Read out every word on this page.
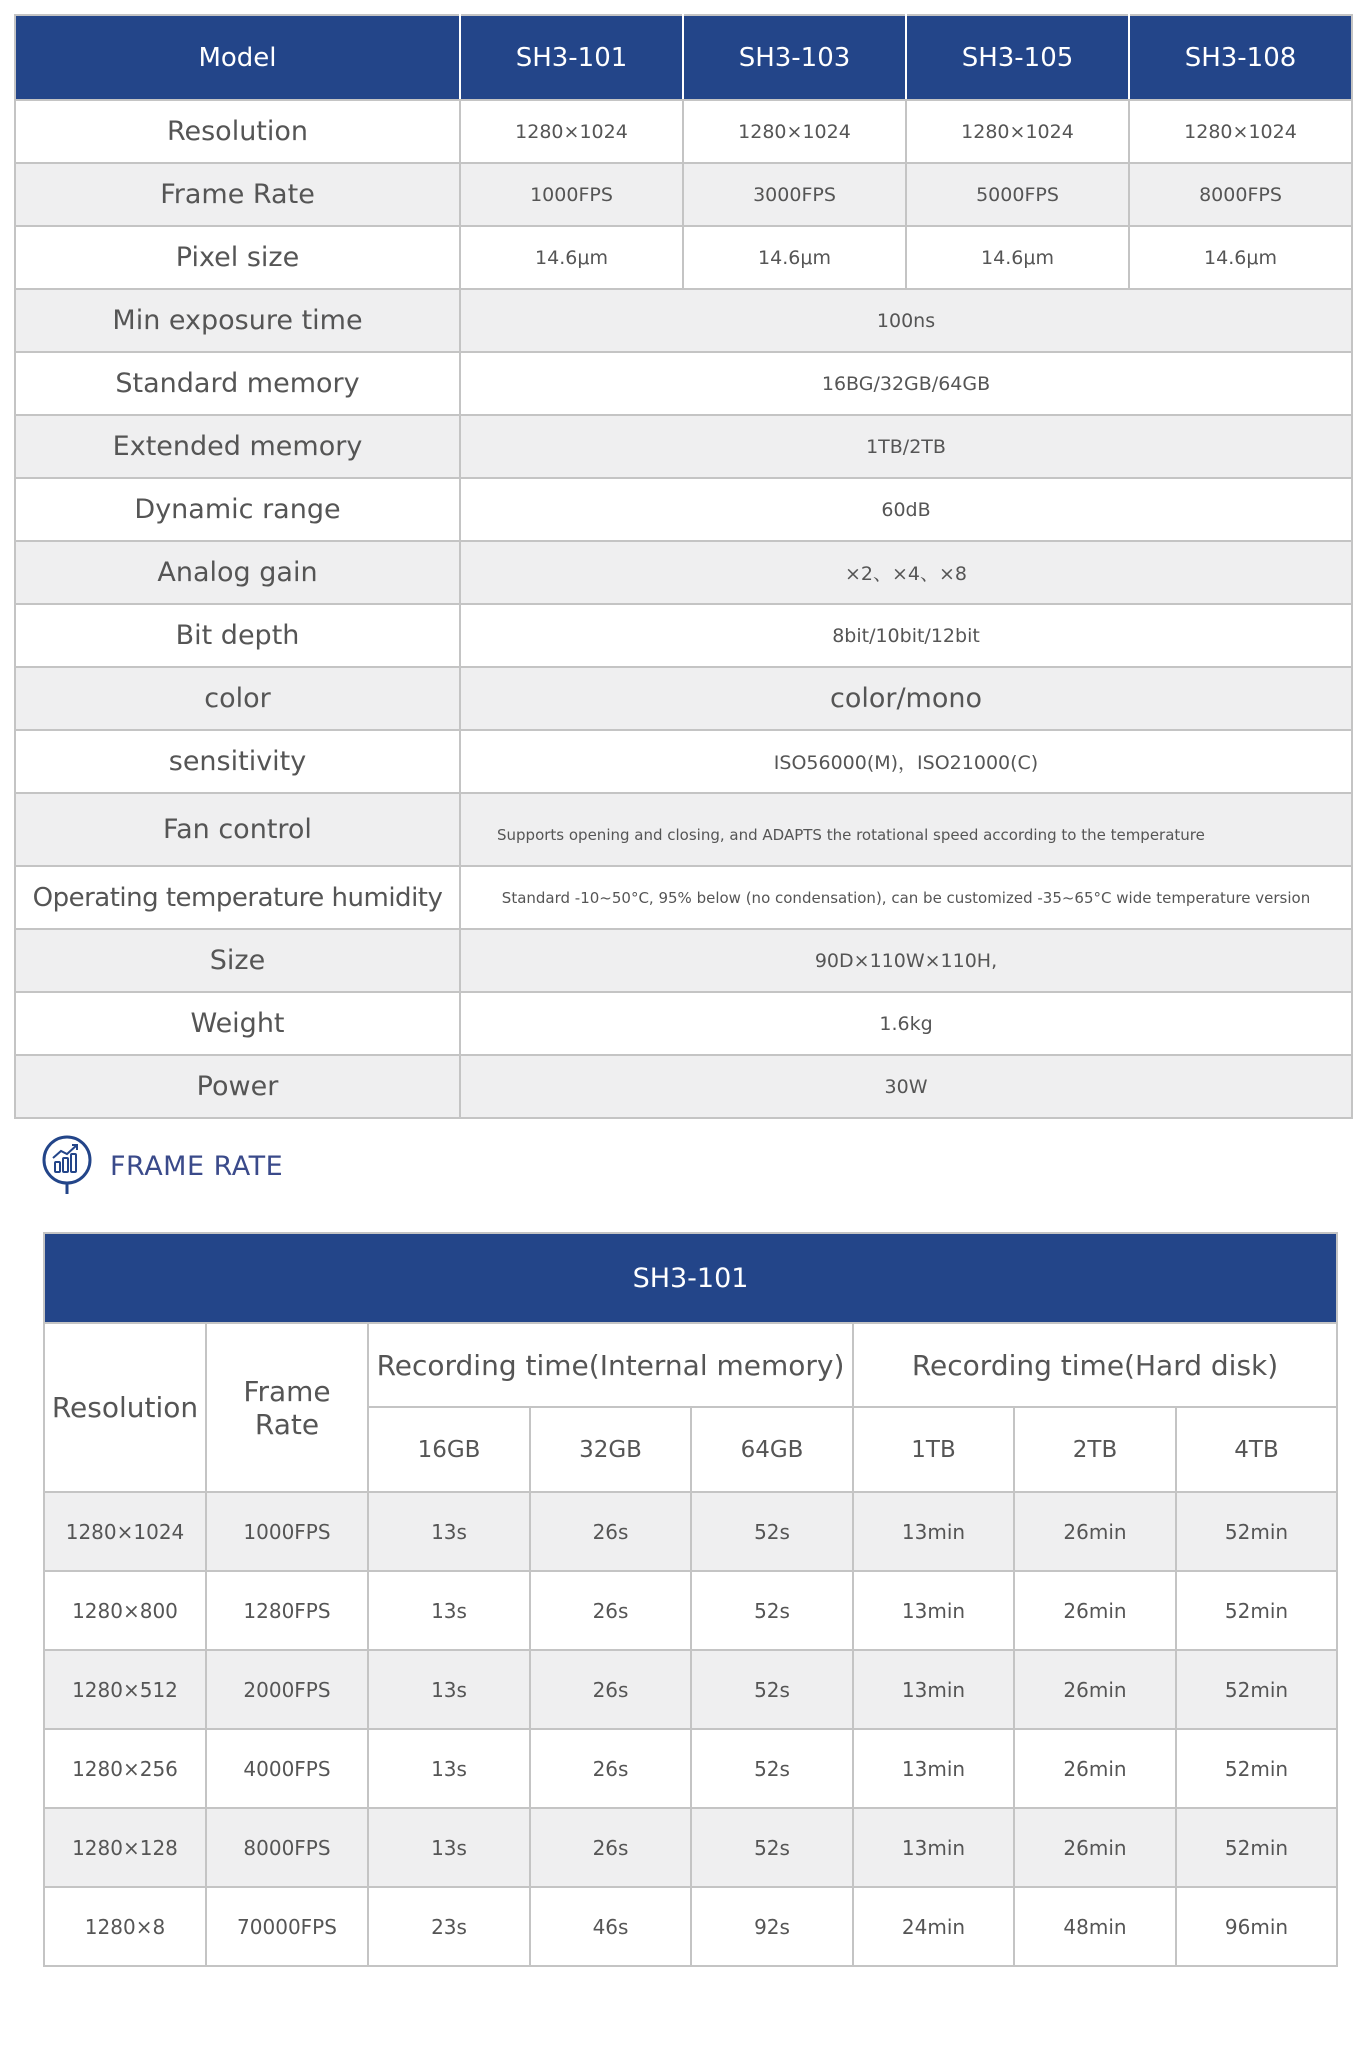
Model	SH3-101	SH3-103	SH3-105	SH3-108
Resolution	1280×1024	1280×1024	1280×1024	1280×1024
Frame Rate	1000FPS	3000FPS	5000FPS	8000FPS
Pixel size	14.6μm	14.6μm	14.6μm	14.6μm
Min exposure time	100ns			
Standard memory	16BG/32GB/64GB			
Extended memory	1TB/2TB			
Dynamic range	60dB			
Analog gain	×2、×4、×8			
Bit depth	8bit/10bit/12bit			
color	color/mono			
sensitivity	ISO56000(M)，ISO21000(C)			
Fan control	Supports opening and closing, and ADAPTS the rotational speed according to the temperature			
Operating temperature humidity	Standard -10~50°C, 95% below (no condensation), can be customized -35~65°C wide temperature version			
Size	90D×110W×110H,			
Weight	1.6kg			
Power	30W			
FRAME RATE
SH3-101							
Resolution	Frame Rate	Recording time(Internal memory)			Recording time(Hard disk)		
		16GB	32GB	64GB	1TB	2TB	4TB
1280×1024	1000FPS	13s	26s	52s	13min	26min	52min
1280×800	1280FPS	13s	26s	52s	13min	26min	52min
1280×512	2000FPS	13s	26s	52s	13min	26min	52min
1280×256	4000FPS	13s	26s	52s	13min	26min	52min
1280×128	8000FPS	13s	26s	52s	13min	26min	52min
1280×8	70000FPS	23s	46s	92s	24min	48min	96min
